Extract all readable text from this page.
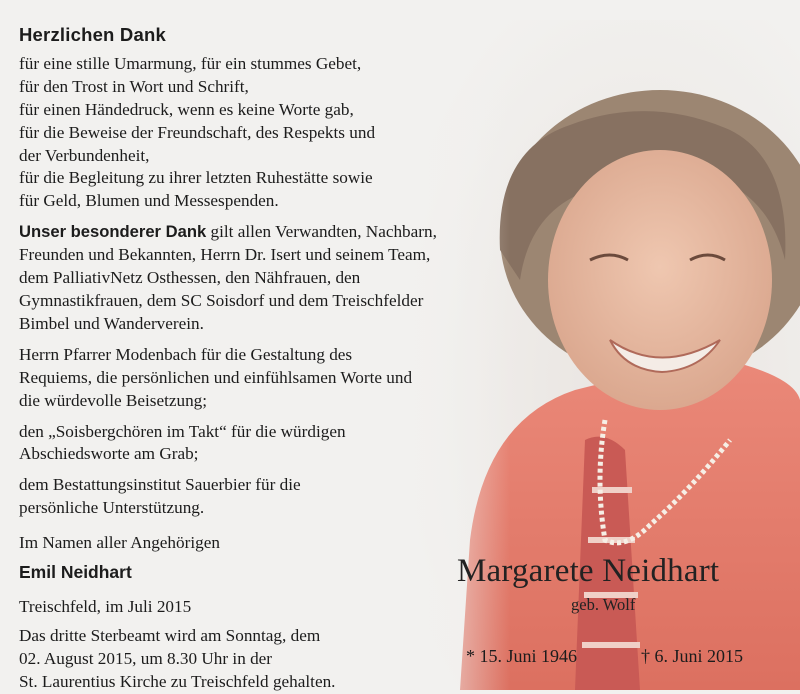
Herzlichen Dank
für eine stille Umarmung, für ein stummes Gebet,
für den Trost in Wort und Schrift,
für einen Händedruck, wenn es keine Worte gab,
für die Beweise der Freundschaft, des Respekts und
der Verbundenheit,
für die Begleitung zu ihrer letzten Ruhestätte sowie
für Geld, Blumen und Messespenden.

Unser besonderer Dank gilt allen Verwandten, Nachbarn,
Freunden und Bekannten, Herrn Dr. Isert und seinem Team,
dem PalliativNetz Osthessen, den Nähfrauen, den
Gymnastikfrauen, dem SC Soisdorf und dem Treischfelder
Bimbel und Wanderverein.

Herrn Pfarrer Modenbach für die Gestaltung des
Requiems, die persönlichen und einfühlsamen Worte und
die würdevolle Beisetzung;

den „Soisbergchören im Takt“ für die würdigen
Abschiedsworte am Grab;

dem Bestattungsinstitut Sauerbier für die
persönliche Unterstützung.

Im Namen aller Angehörigen

Emil Neidhart

Treischfeld, im Juli 2015

Das dritte Sterbeamt wird am Sonntag, dem
02. August 2015, um 8.30 Uhr in der
St. Laurentius Kirche zu Treischfeld gehalten.

Margarete Neidhart
geb. Wolf
* 15. Juni 1946	† 6. Juni 2015
